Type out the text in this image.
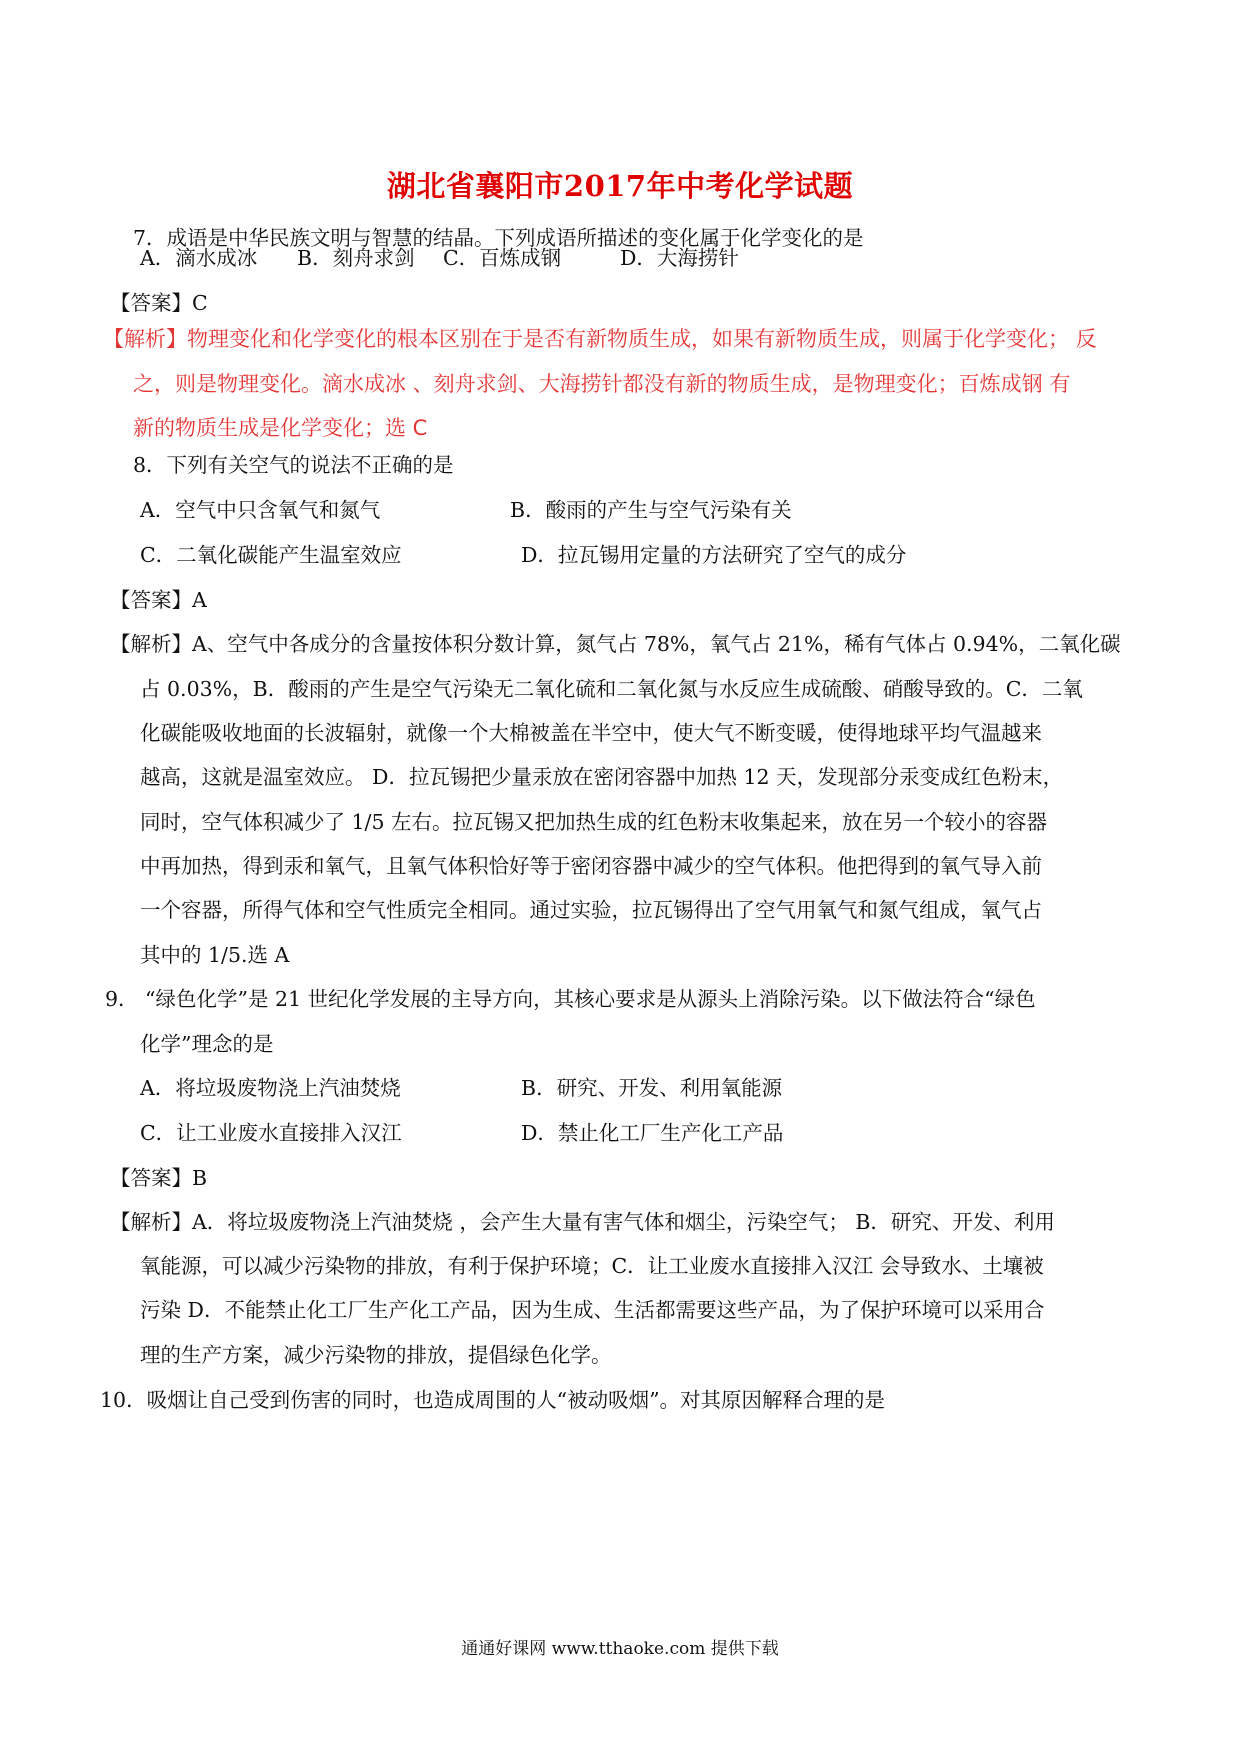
湖北省襄阳市2017年中考化学试题
7．成语是中华民族文明与智慧的结晶。下列成语所描述的变化属于化学变化的是
A．滴水成冰 B．刻舟求剑 C．百炼成钢	D．大海捞针
【答案】C
【解析】物理变化和化学变化的根本区别在于是否有新物质生成，如果有新物质生成，则属于化学变化； 反
之，则是物理变化。滴水成冰 、刻舟求剑、大海捞针都没有新的物质生成，是物理变化；百炼成钢 有
新的物质生成是化学变化；选 C
8．下列有关空气的说法不正确的是
A．空气中只含氧气和氮气	B．酸雨的产生与空气污染有关
C．二氧化碳能产生温室效应	D．拉瓦锡用定量的方法研究了空气的成分
【答案】A
【解析】A、空气中各成分的含量按体积分数计算，氮气占 78%，氧气占 21%，稀有气体占 0.94%，二氧化碳
占 0.03%，B．酸雨的产生是空气污染无二氧化硫和二氧化氮与水反应生成硫酸、硝酸导致的。C．二氧
化碳能吸收地面的长波辐射，就像一个大棉被盖在半空中，使大气不断变暖，使得地球平均气温越来
越高，这就是温室效应。 D．拉瓦锡把少量汞放在密闭容器中加热 12 天，发现部分汞变成红色粉末，
同时，空气体积减少了 1/5 左右。拉瓦锡又把加热生成的红色粉末收集起来，放在另一个较小的容器
中再加热，得到汞和氧气，且氧气体积恰好等于密闭容器中减少的空气体积。他把得到的氧气导入前
一个容器，所得气体和空气性质完全相同。通过实验，拉瓦锡得出了空气用氧气和氮气组成，氧气占
其中的 1/5.选 A
9． “绿色化学”是 21 世纪化学发展的主导方向，其核心要求是从源头上消除污染。以下做法符合“绿色
化学”理念的是
A．将垃圾废物浇上汽油焚烧	B．研究、开发、利用氧能源
C．让工业废水直接排入汉江	D．禁止化工厂生产化工产品
【答案】B
【解析】A．将垃圾废物浇上汽油焚烧 ，会产生大量有害气体和烟尘，污染空气； B．研究、开发、利用
氧能源，可以减少污染物的排放，有利于保护环境；C．让工业废水直接排入汉江 会导致水、土壤被
污染 D．不能禁止化工厂生产化工产品，因为生成、生活都需要这些产品，为了保护环境可以采用合
理的生产方案，减少污染物的排放，提倡绿色化学。
10．吸烟让自己受到伤害的同时，也造成周围的人“被动吸烟”。对其原因解释合理的是
通通好课网 www.tthaoke.com 提供下载
